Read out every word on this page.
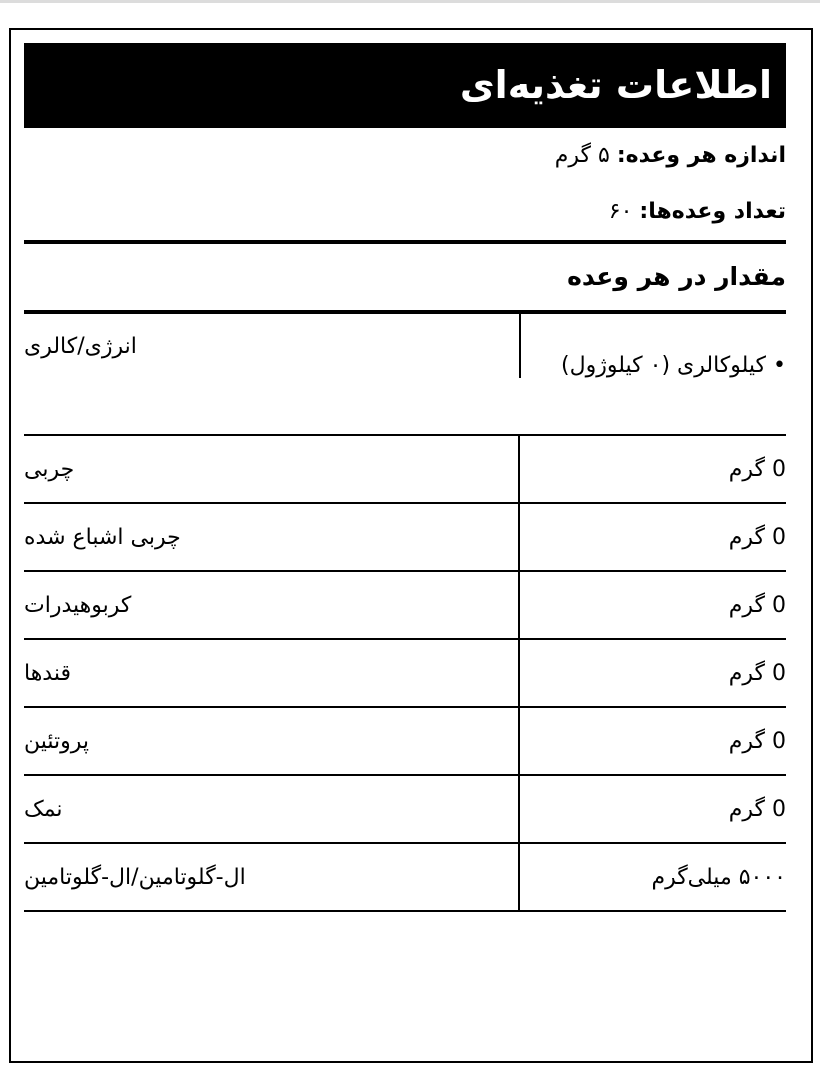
اطلاعات تغذیه‌ای
اندازه هر وعده: ۵ گرم
تعداد وعده‌ها: ۶۰
مقدار در هر وعده
• کیلوکالری (۰ کیلوژول)	انرژی/کالری
0 گرم	چربی
0 گرم	چربی اشباع شده
0 گرم	کربوهیدرات
0 گرم	قندها
0 گرم	پروتئین
0 گرم	نمک
۵۰۰۰ میلی‌گرم	ال-گلوتامین/ال-گلوتامین
